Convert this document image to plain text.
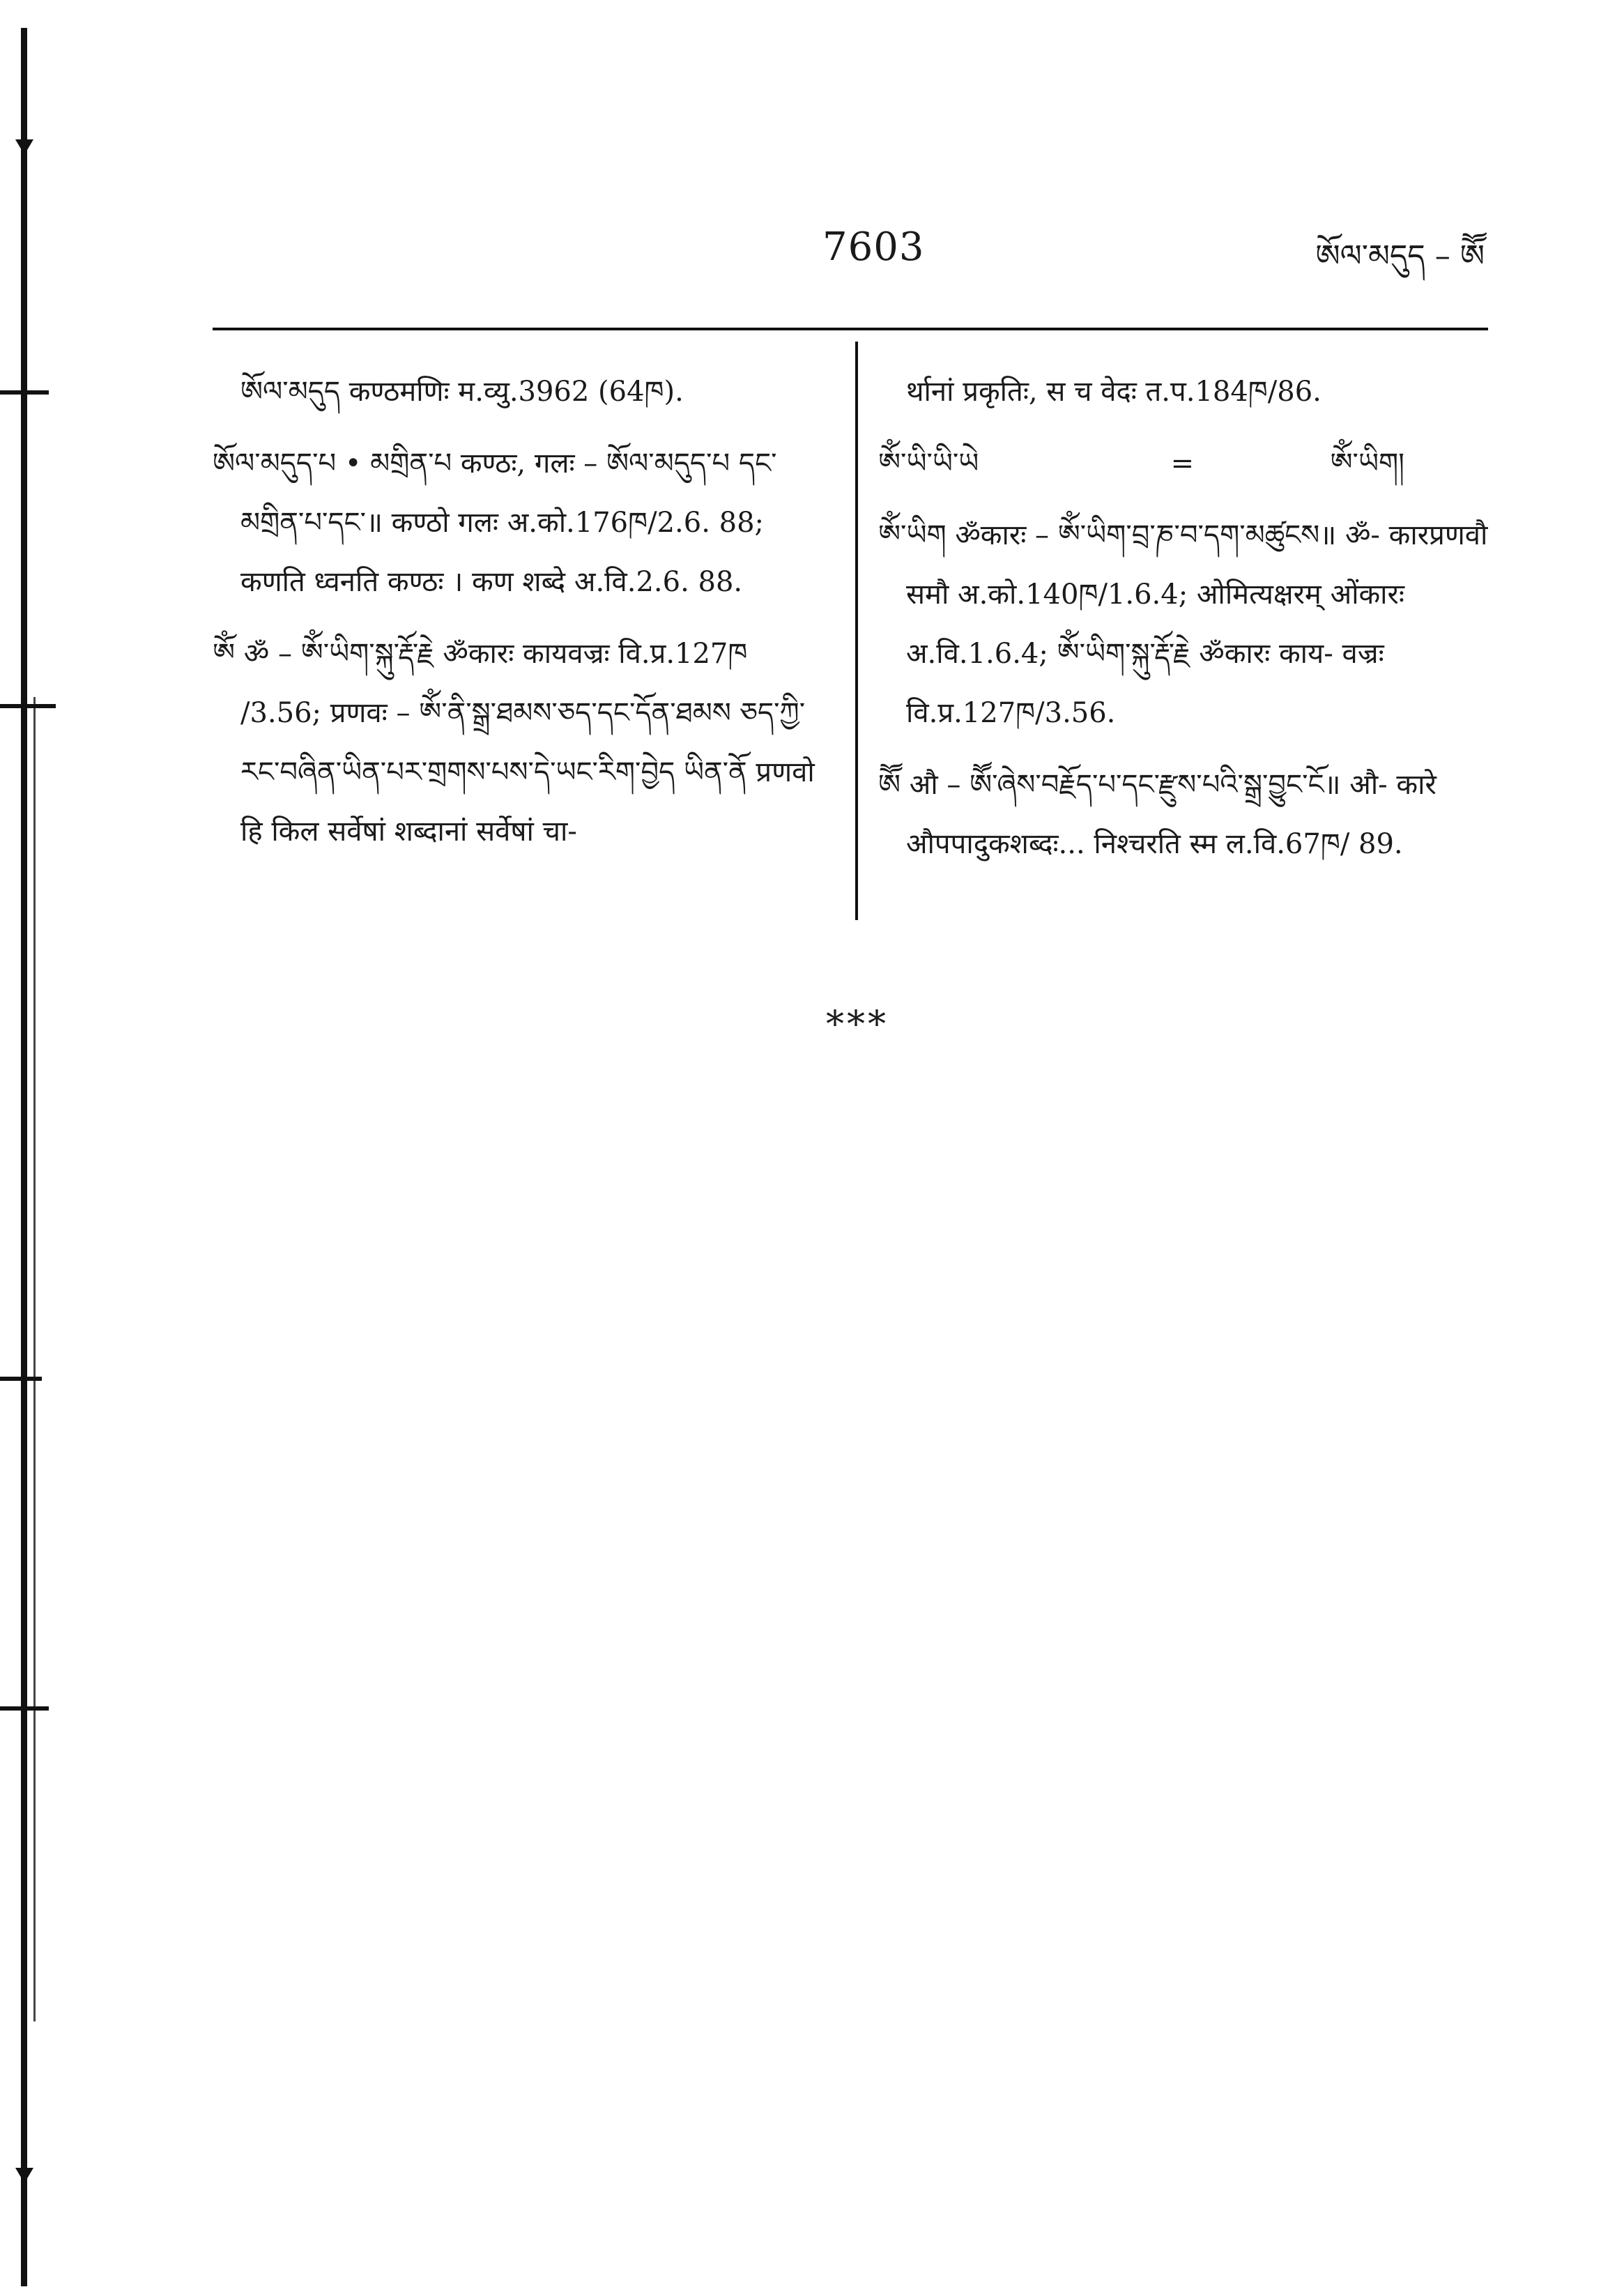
7603	ཨོལ་མདུད – ཨཽ
ཨོལ་མདུད कण्ठमणिः म.व्यु.3962 (64ཁ).
ཨོལ་མདུད་པ • མགྲིན་པ कण्ठः, गलः – ཨོལ་མདུད་པ དང་མགྲིན་པ་དང་॥ कण्ठो गलः अ.को.176ཁ/2.6. 88; कणति ध्वनति कण्ठः । कण शब्दे अ.वि.2.6. 88.
ཨོཾ ॐ – ཨོཾ་ཡིག་སྐུ་རྡོ་རྗེ ॐकारः कायवज्रः वि.प्र.127ཁ /3.56; प्रणवः – ཨོཾ་ནི་སྒྲ་ཐམས་ཅད་དང་དོན་ཐམས ཅད་ཀྱི་རང་བཞིན་ཡིན་པར་གྲགས་པས་དེ་ཡང་རིག་བྱེད ཡིན་ནོ प्रणवो हि किल सर्वेषां शब्दानां सर्वेषां चा-
र्थानां प्रकृतिः, स च वेदः त.प.184ཁ/86.
ཨོཾ་ཡི་ཡི་ཡེ	=	ཨོཾ་ཡིག།
ཨོཾ་ཡིག ॐकारः – ཨོཾ་ཡིག་བྲ་ཎ་བ་དག་མཚུངས॥ ॐ- कारप्रणवौ समौ अ.को.140ཁ/1.6.4; ओमित्यक्षरम् ओंकारः अ.वि.1.6.4; ཨོཾ་ཡིག་སྐུ་རྡོ་རྗེ ॐकारः काय- वज्रः वि.प्र.127ཁ/3.56.
ཨཽ औ – ཨཽ་ཞེས་བརྗོད་པ་དང་རྫུས་པའི་སྒྲ་བྱུང་ངོ॥ औ- कारे औपपादुकशब्दः... निश्चरति स्म ल.वि.67ཁ/ 89.
***
